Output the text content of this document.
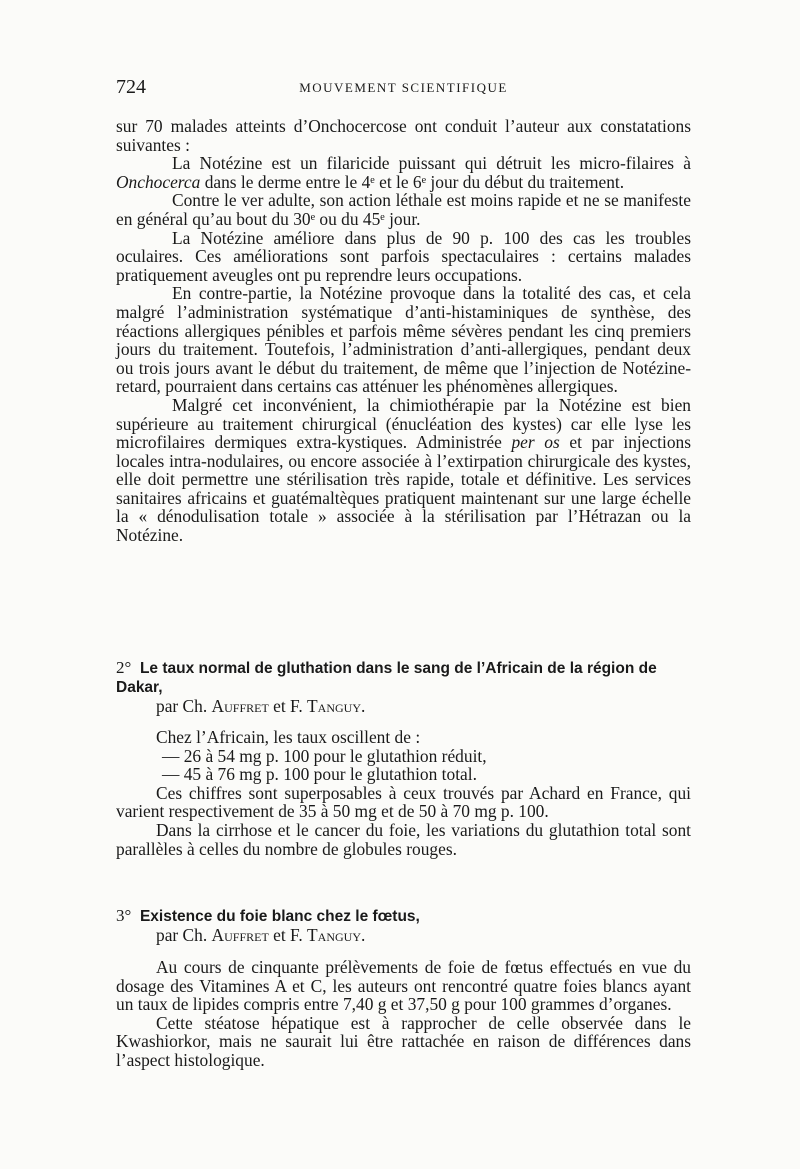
724	MOUVEMENT SCIENTIFIQUE

sur 70 malades atteints d’Onchocercose ont conduit l’auteur aux constatations suivantes :

La Notézine est un filaricide puissant qui détruit les micro-filaires à Onchocerca dans le derme entre le 4ᵉ et le 6ᵉ jour du début du traitement.

Contre le ver adulte, son action léthale est moins rapide et ne se manifeste en général qu’au bout du 30ᵉ ou du 45ᵉ jour.

La Notézine améliore dans plus de 90 p. 100 des cas les troubles oculaires. Ces améliorations sont parfois spectaculaires : certains malades pratiquement aveugles ont pu reprendre leurs occupations.

En contre-partie, la Notézine provoque dans la totalité des cas, et cela malgré l’administration systématique d’anti-histaminiques de synthèse, des réactions allergiques pénibles et parfois même sévères pendant les cinq premiers jours du traitement. Toutefois, l’administration d’anti-allergiques, pendant deux ou trois jours avant le début du traitement, de même que l’injection de Notézine-retard, pourraient dans certains cas atténuer les phénomènes allergiques.

Malgré cet inconvénient, la chimiothérapie par la Notézine est bien supérieure au traitement chirurgical (énucléation des kystes) car elle lyse les microfilaires dermiques extra-kystiques. Administrée per os et par injections locales intra-nodulaires, ou encore associée à l’extirpation chirurgicale des kystes, elle doit permettre une stérilisation très rapide, totale et définitive. Les services sanitaires africains et guatémaltèques pratiquent maintenant sur une large échelle la « dénodulisation totale » associée à la stérilisation par l’Hétrazan ou la Notézine.

2° Le taux normal de gluthation dans le sang de l’Africain de la région de Dakar,
par Ch. Auffret et F. Tanguy.

Chez l’Africain, les taux oscillent de :

— 26 à 54 mg p. 100 pour le glutathion réduit,

— 45 à 76 mg p. 100 pour le glutathion total.

Ces chiffres sont superposables à ceux trouvés par Achard en France, qui varient respectivement de 35 à 50 mg et de 50 à 70 mg p. 100.

Dans la cirrhose et le cancer du foie, les variations du glutathion total sont parallèles à celles du nombre de globules rouges.

3° Existence du foie blanc chez le fœtus,
par Ch. Auffret et F. Tanguy.

Au cours de cinquante prélèvements de foie de fœtus effectués en vue du dosage des Vitamines A et C, les auteurs ont rencontré quatre foies blancs ayant un taux de lipides compris entre 7,40 g et 37,50 g pour 100 grammes d’organes.

Cette stéatose hépatique est à rapprocher de celle observée dans le Kwashiorkor, mais ne saurait lui être rattachée en raison de différences dans l’aspect histologique.
